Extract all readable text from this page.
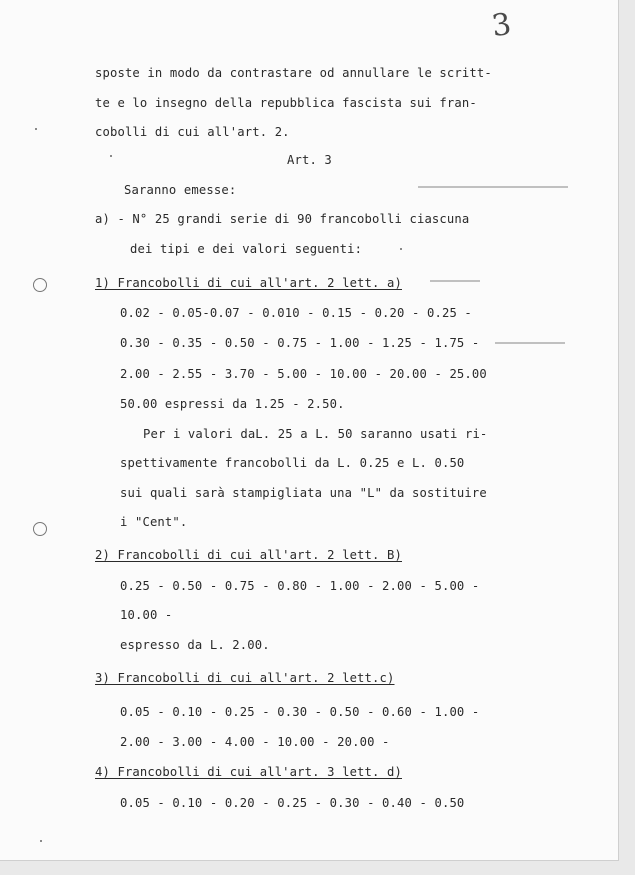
3
sposte in modo da contrastare od annullare le scritt-
te e lo insegno della repubblica fascista sui fran-
cobolli di cui all'art. 2.
Art. 3
Saranno emesse:
a) - N° 25 grandi serie di 90 francobolli ciascuna
dei tipi e dei valori seguenti:
1) Francobolli di cui all'art. 2 lett. a)
0.02 - 0.05-0.07 - 0.010 - 0.15 - 0.20 - 0.25 -
0.30 - 0.35 - 0.50 - 0.75 - 1.00 - 1.25 - 1.75 -
2.00 - 2.55 - 3.70 - 5.00 - 10.00 - 20.00 - 25.00
50.00 espressi da 1.25 - 2.50.
Per i valori daL. 25 a L. 50 saranno usati ri-
spettivamente francobolli da L. 0.25 e L. 0.50
sui quali sarà stampigliata una "L" da sostituire
i "Cent".
2) Francobolli di cui all'art. 2 lett. B)
0.25 - 0.50 - 0.75 - 0.80 - 1.00 - 2.00 - 5.00 -
10.00 -
espresso da L. 2.00.
3) Francobolli di cui all'art. 2 lett.c)
0.05 - 0.10 - 0.25 - 0.30 - 0.50 - 0.60 - 1.00 -
2.00 - 3.00 - 4.00 - 10.00 - 20.00 -
4) Francobolli di cui all'art. 3 lett. d)
0.05 - 0.10 - 0.20 - 0.25 - 0.30 - 0.40 - 0.50
